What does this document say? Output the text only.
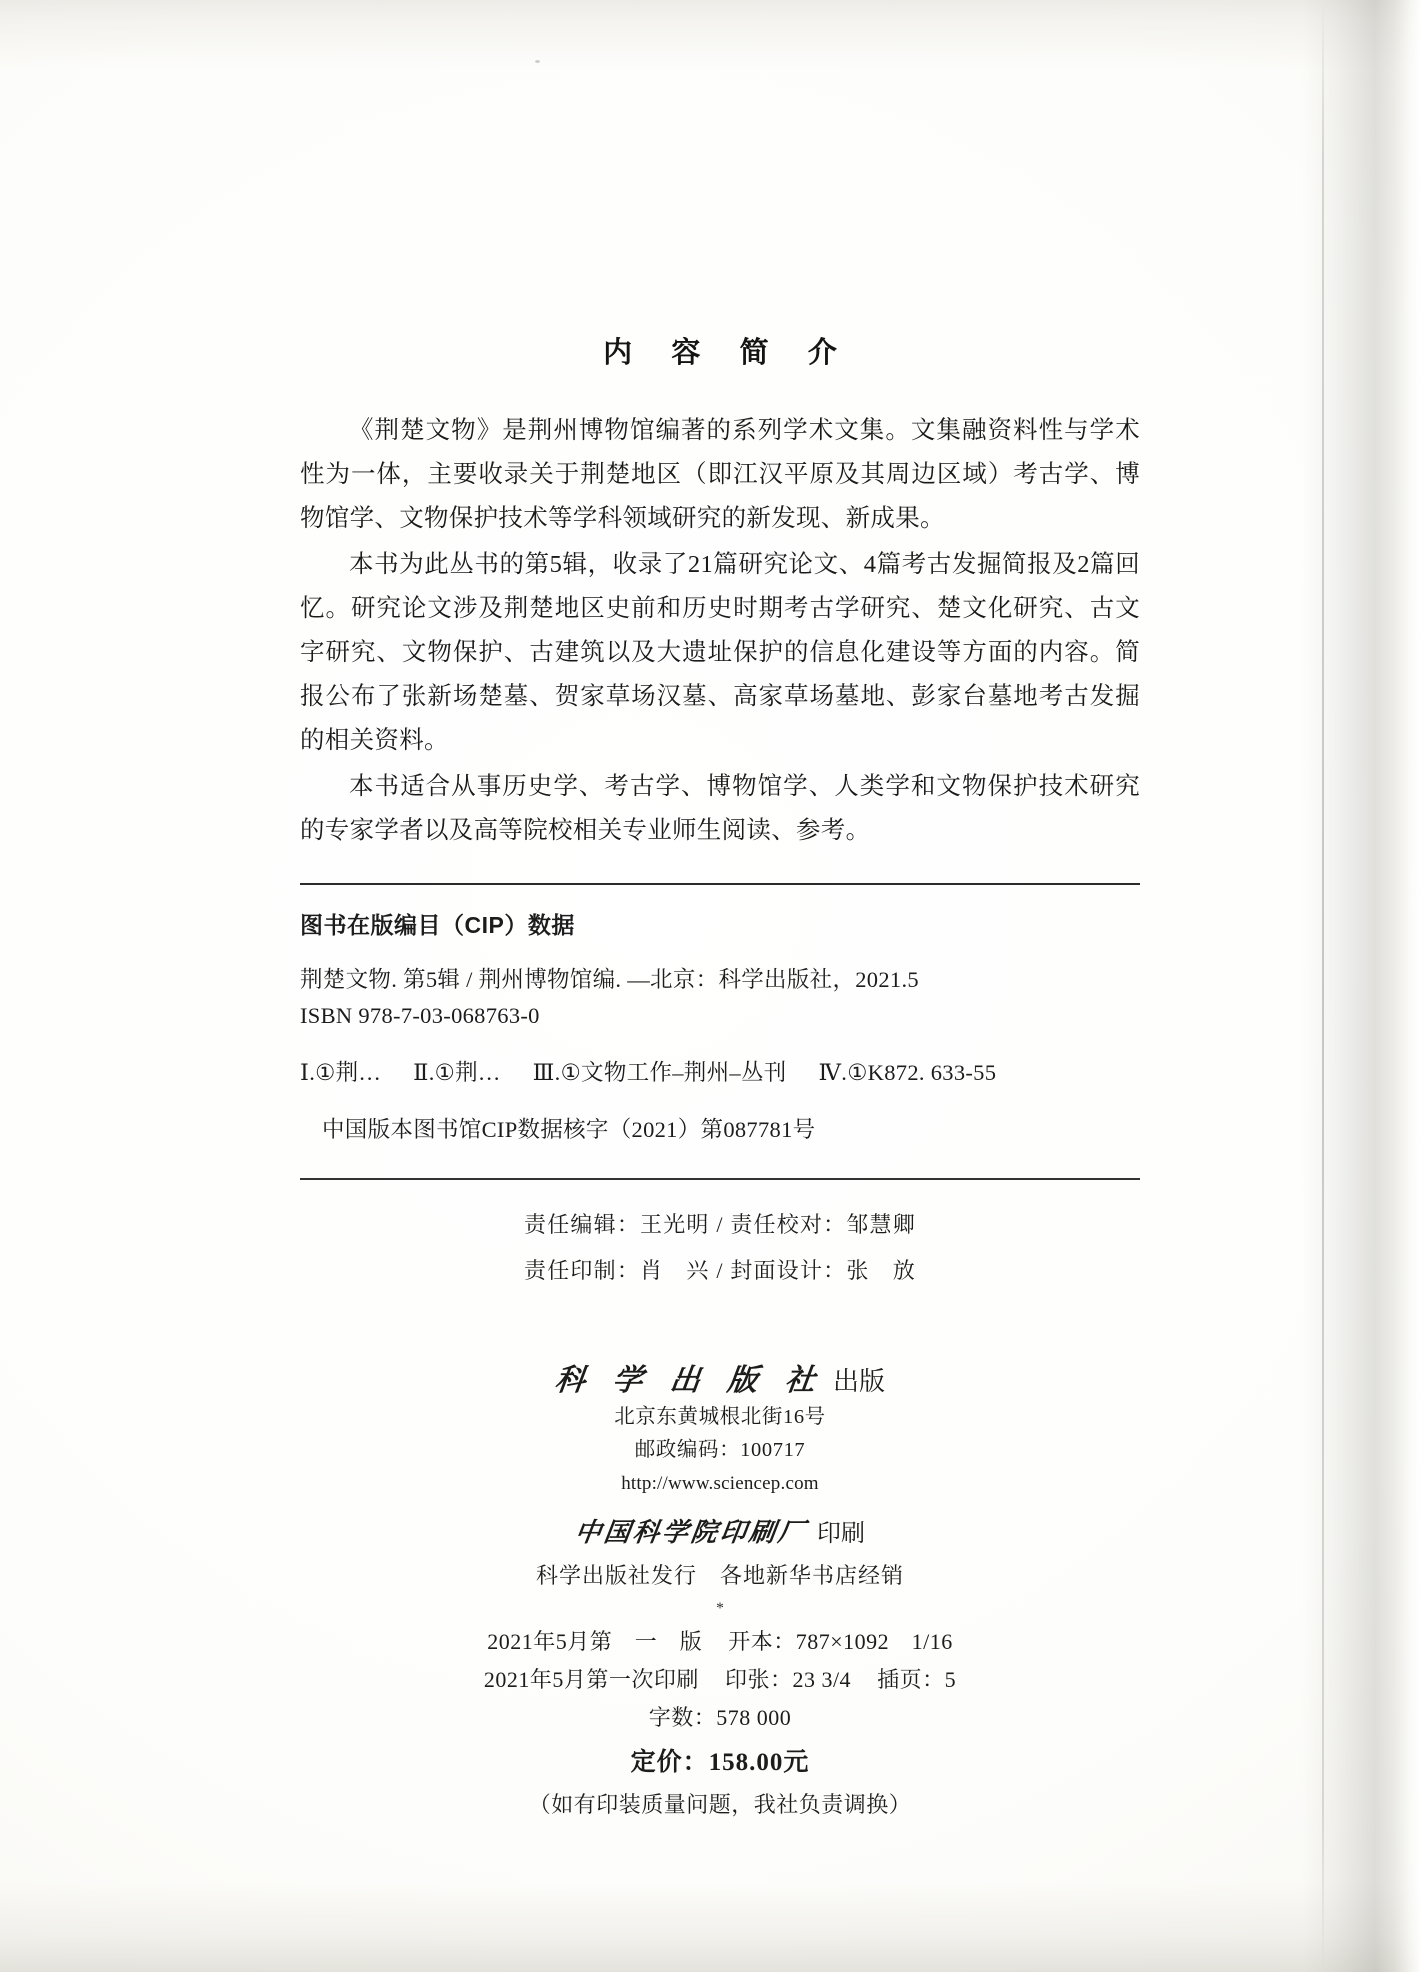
内 容 简 介

《荆楚文物》是荆州博物馆编著的系列学术文集。文集融资料性与学术性为一体，主要收录关于荆楚地区（即江汉平原及其周边区域）考古学、博物馆学、文物保护技术等学科领域研究的新发现、新成果。

本书为此丛书的第5辑，收录了21篇研究论文、4篇考古发掘简报及2篇回忆。研究论文涉及荆楚地区史前和历史时期考古学研究、楚文化研究、古文字研究、文物保护、古建筑以及大遗址保护的信息化建设等方面的内容。简报公布了张新场楚墓、贺家草场汉墓、高家草场墓地、彭家台墓地考古发掘的相关资料。

本书适合从事历史学、考古学、博物馆学、人类学和文物保护技术研究的专家学者以及高等院校相关专业师生阅读、参考。

图书在版编目（CIP）数据

荆楚文物. 第5辑 / 荆州博物馆编. —北京：科学出版社，2021.5

ISBN 978-7-03-068763-0

Ⅰ.①荆… Ⅱ.①荆… Ⅲ.①文物工作–荆州–丛刊 Ⅳ.①K872. 633-55
中国版本图书馆CIP数据核字（2021）第087781号
责任编辑：王光明 / 责任校对：邹慧卿
责任印制：肖　兴 / 封面设计：张　放
科 学 出 版 社 出版
北京东黄城根北街16号
邮政编码：100717
http://www.sciencep.com
中国科学院印刷厂 印刷
科学出版社发行　各地新华书店经销
*
2021年5月第　一　版 开本：787×1092　1/16
2021年5月第一次印刷 印张：23 3/4 插页：5
字数：578 000
定价：158.00元
（如有印装质量问题，我社负责调换）
